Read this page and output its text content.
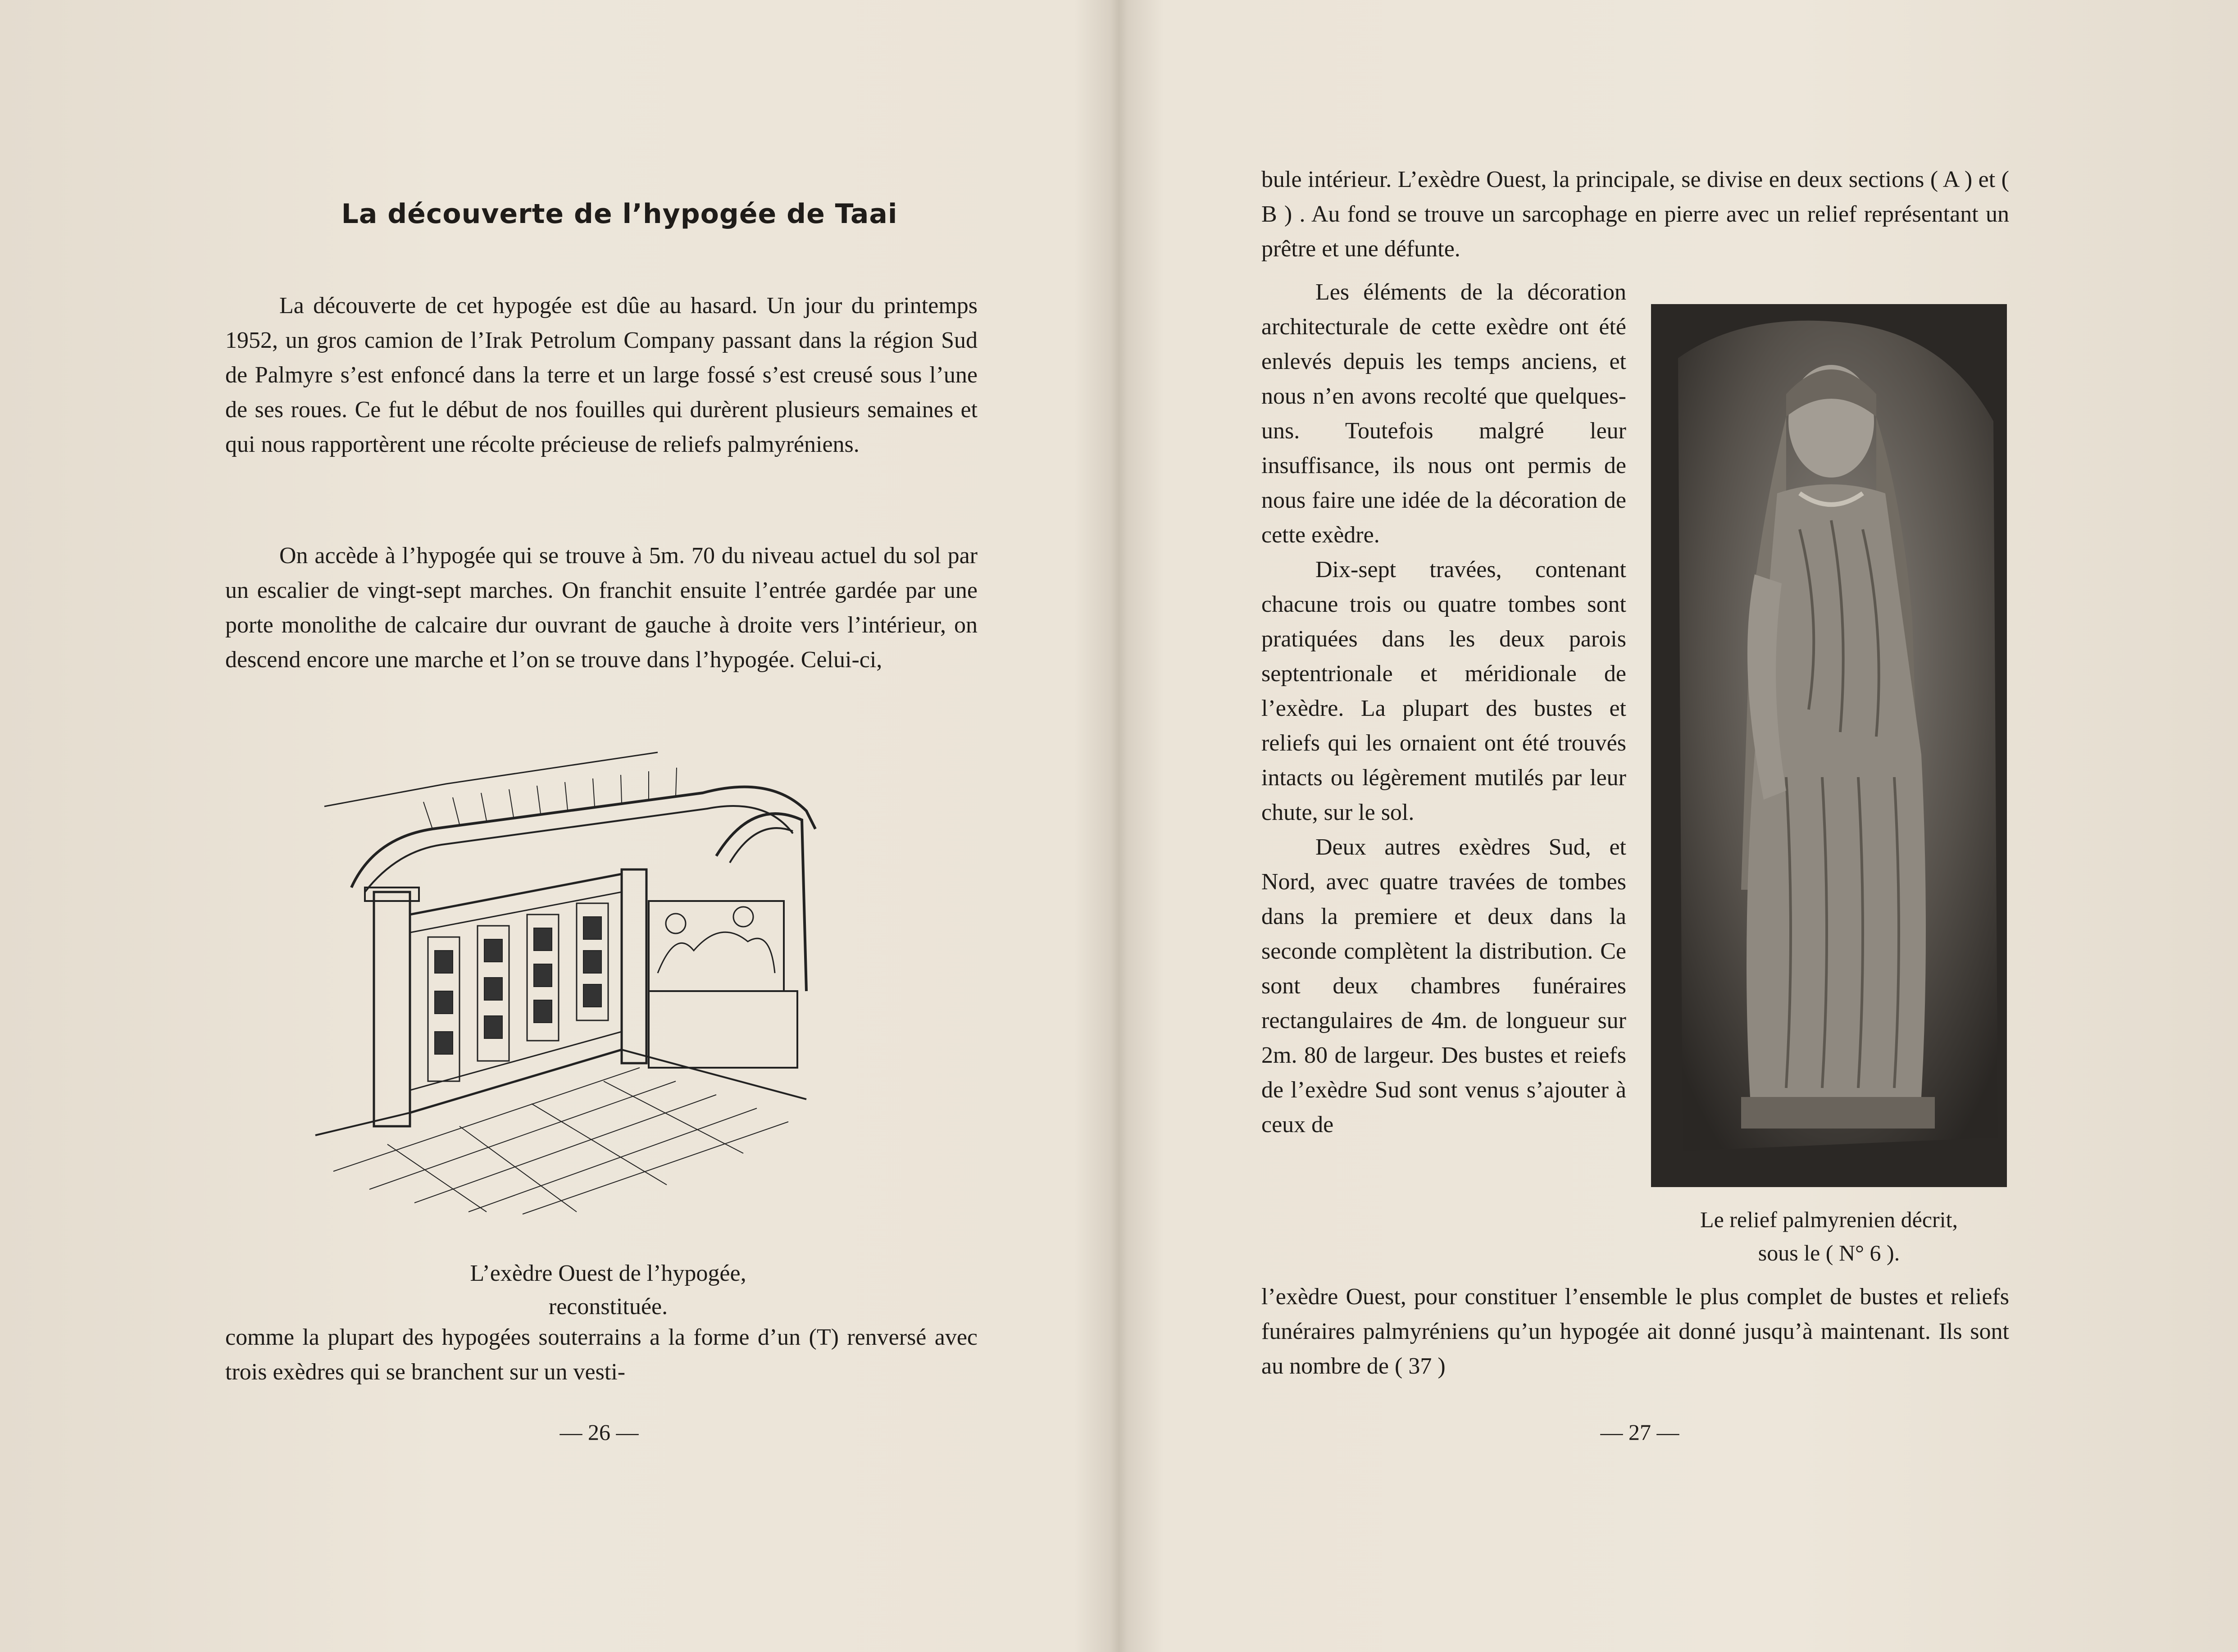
La découverte de l’hypogée de Taai

La découverte de cet hypogée est dûe au hasard. Un jour du printemps 1952, un gros camion de l’Irak Petrolum Company passant dans la région Sud de Palmyre s’est enfoncé dans la terre et un large fossé s’est creusé sous l’une de ses roues. Ce fut le début de nos fouilles qui durèrent plusieurs semaines et qui nous rapportèrent une récolte précieuse de reliefs palmyréniens.

On accède à l’hypogée qui se trouve à 5m. 70 du niveau actuel du sol par un escalier de vingt-sept marches. On franchit ensuite l’entrée gardée par une porte monolithe de calcaire dur ouvrant de gauche à droite vers l’intérieur, on descend encore une marche et l’on se trouve dans l’hypogée. Celui-ci,

L’exèdre Ouest de l’hypogée,
reconstituée.

comme la plupart des hypogées souterrains a la forme d’un (T) renversé avec trois exèdres qui se branchent sur un vesti-

— 26 —

bule intérieur. L’exèdre Ouest, la principale, se divise en deux sections ( A ) et ( B ) . Au fond se trouve un sarcophage en pierre avec un relief représentant un prêtre et une défunte.

Les éléments de la décoration architecturale de cette exèdre ont été enlevés depuis les temps anciens, et nous n’en avons recolté que quelques-uns. Toutefois malgré leur insuffisance, ils nous ont permis de nous faire une idée de la décoration de cette exèdre.

Dix-sept travées, contenant chacune trois ou quatre tombes sont pratiquées dans les deux parois septentrionale et méridionale de l’exèdre. La plupart des bustes et reliefs qui les ornaient ont été trouvés intacts ou légèrement mutilés par leur chute, sur le sol.

Deux autres exèdres Sud, et Nord, avec quatre travées de tombes dans la premiere et deux dans la seconde complètent la distribution. Ce sont deux chambres funéraires rectangulaires de 4m. de longueur sur 2m. 80 de largeur. Des bustes et reiefs de l’exèdre Sud sont venus s’ajouter à ceux de

Le relief palmyrenien décrit,
sous le ( N° 6 ).

l’exèdre Ouest, pour constituer l’ensemble le plus complet de bustes et reliefs funéraires palmyréniens qu’un hypogée ait donné jusqu’à maintenant. Ils sont au nombre de ( 37 )

— 27 —
